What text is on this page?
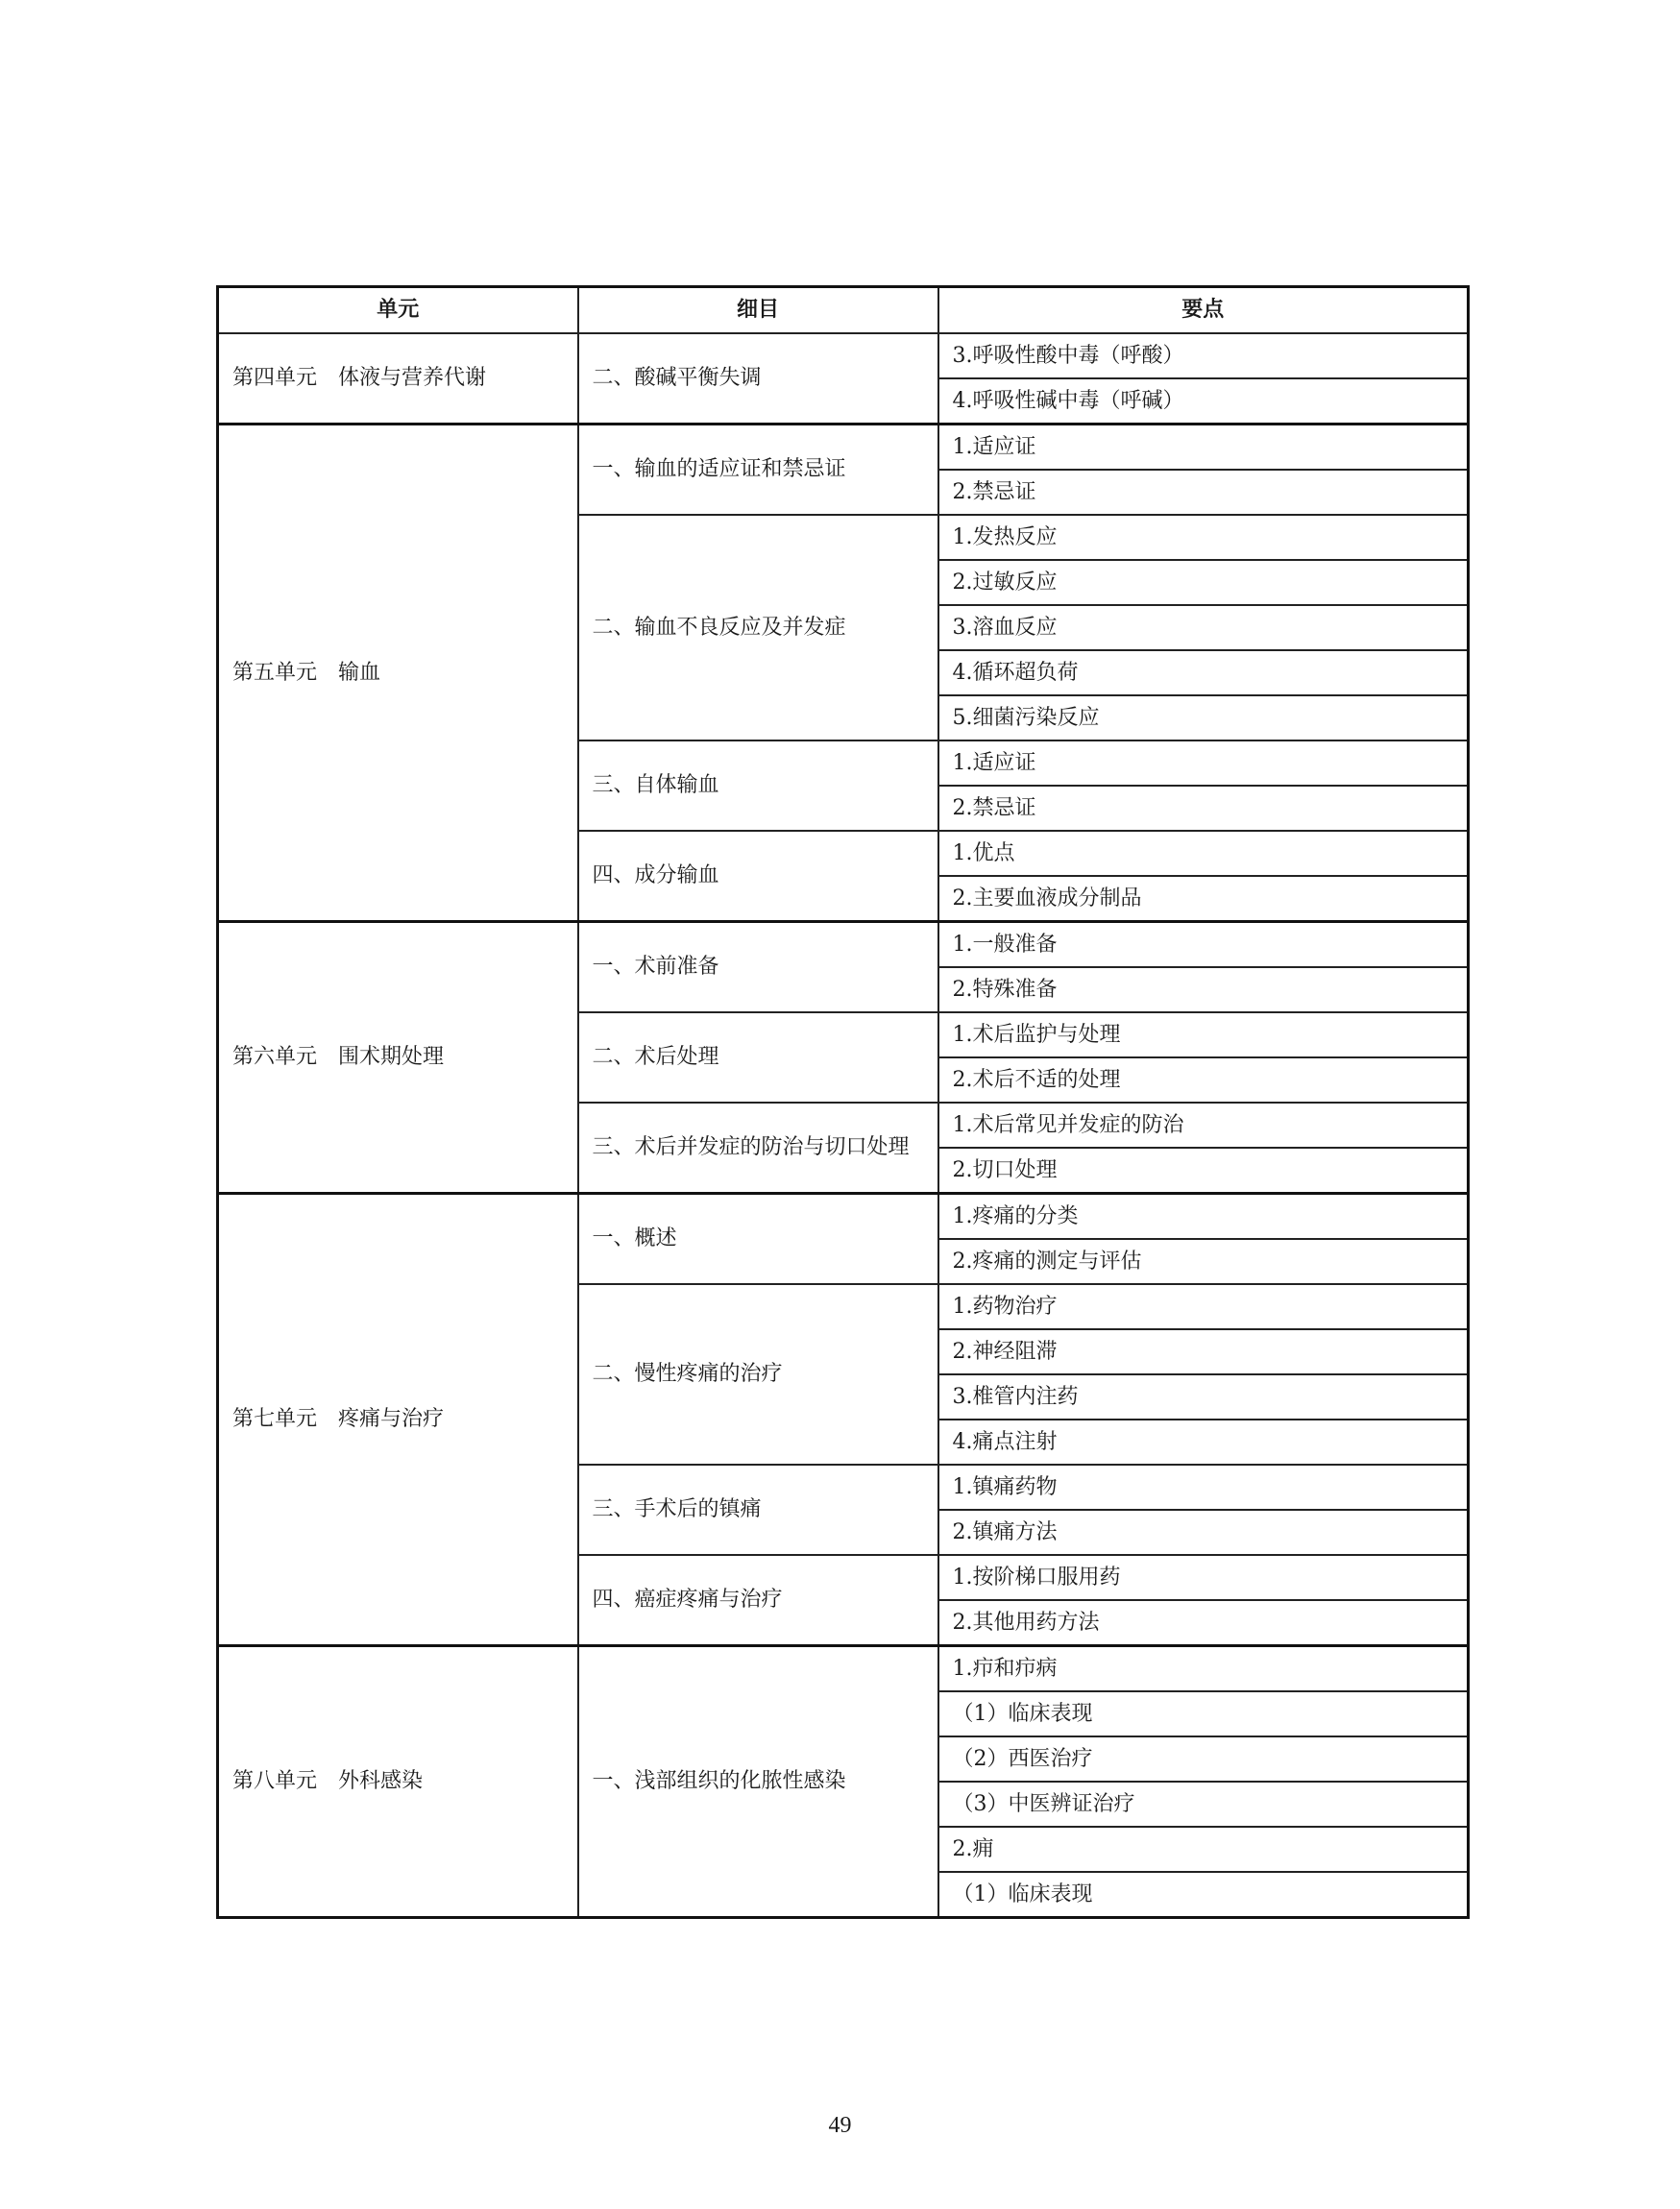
单元	细目	要点
第四单元　体液与营养代谢	二、酸碱平衡失调	3.呼吸性酸中毒（呼酸）
		4.呼吸性碱中毒（呼碱）
第五单元　输血	一、输血的适应证和禁忌证	1.适应证
		2.禁忌证
	二、输血不良反应及并发症	1.发热反应
		2.过敏反应
		3.溶血反应
		4.循环超负荷
		5.细菌污染反应
	三、自体输血	1.适应证
		2.禁忌证
	四、成分输血	1.优点
		2.主要血液成分制品
第六单元　围术期处理	一、术前准备	1.一般准备
		2.特殊准备
	二、术后处理	1.术后监护与处理
		2.术后不适的处理
	三、术后并发症的防治与切口处理	1.术后常见并发症的防治
		2.切口处理
第七单元　疼痛与治疗	一、概述	1.疼痛的分类
		2.疼痛的测定与评估
	二、慢性疼痛的治疗	1.药物治疗
		2.神经阻滞
		3.椎管内注药
		4.痛点注射
	三、手术后的镇痛	1.镇痛药物
		2.镇痛方法
	四、癌症疼痛与治疗	1.按阶梯口服用药
		2.其他用药方法
第八单元　外科感染	一、浅部组织的化脓性感染	1.疖和疖病
		（1）临床表现
		（2）西医治疗
		（3）中医辨证治疗
		2.痈
		（1）临床表现
49
